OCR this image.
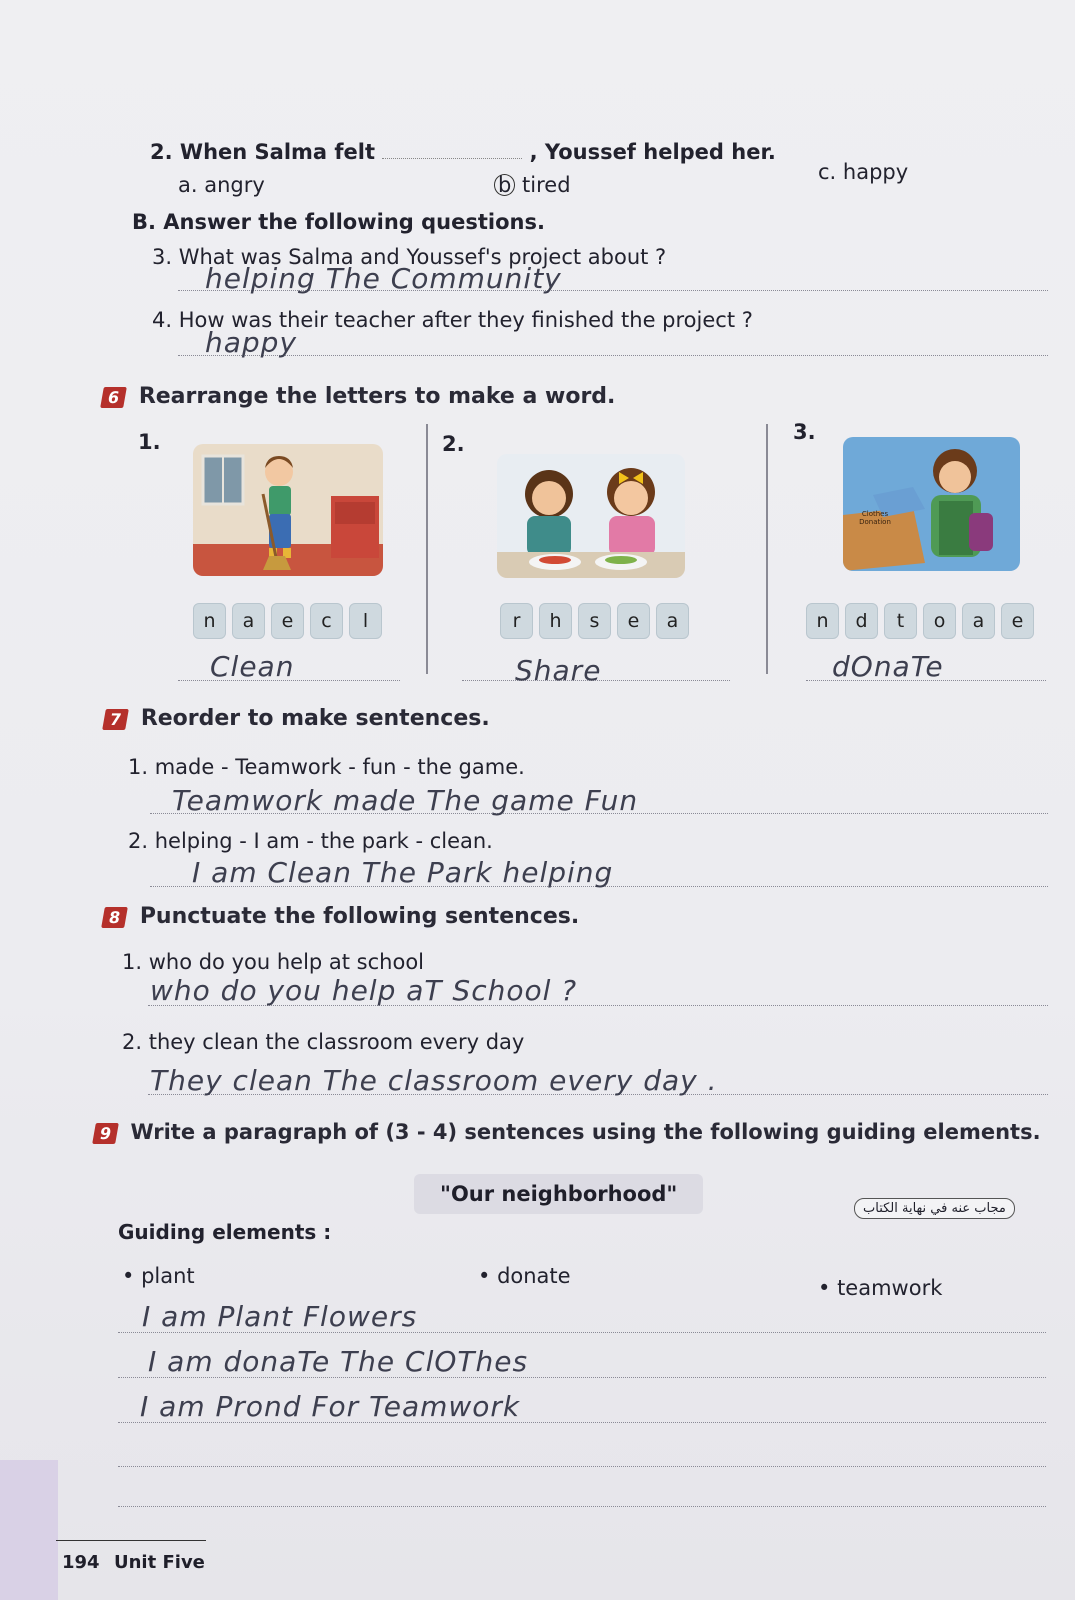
2. When Salma felt	, Youssef helped her.
a. angry	b tired
c. happy
B. Answer the following questions.
3. What was Salma and Youssef's project about ?
helping The Community
4. How was their teacher after they finished the project ?
happy
6 Rearrange the letters to make a word.
1.	2.	3.
Clothes
Donation
n	a	e	c	l	r	h	s	e	a	n	d	t	o	a	e
Clean	Share	dOnaTe
7 Reorder to make sentences.
1. made - Teamwork - fun - the game.
Teamwork made The game Fun
2. helping - I am - the park - clean.
I am Clean The Park helping
8 Punctuate the following sentences.
1. who do you help at school
who do you help aT School ?
2. they clean the classroom every day
They clean The classroom every day .
9 Write a paragraph of (3 - 4) sentences using the following guiding elements.
"Our neighborhood"
مجاب عنه في نهاية الكتاب
Guiding elements :
• plant	• donate	• teamwork
I am Plant Flowers
I am donaTe The ClOThes
I am Prond For Teamwork
194 Unit Five
